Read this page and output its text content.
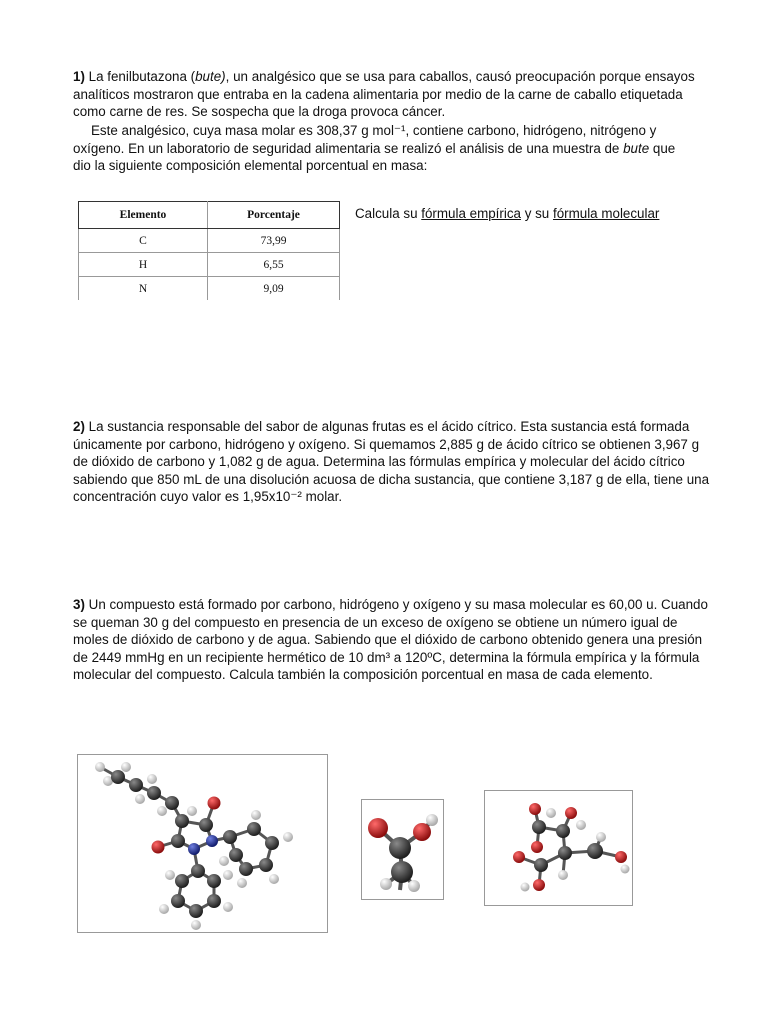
1) La fenilbutazona (bute), un analgésico que se usa para caballos, causó preocupación porque ensayos analíticos mostraron que entraba en la cadena alimentaria por medio de la carne de caballo etiquetada como carne de res. Se sospecha que la droga provoca cáncer.
Este analgésico, cuya masa molar es 308,37 g mol⁻¹, contiene carbono, hidrógeno, nitrógeno y oxígeno. En un laboratorio de seguridad alimentaria se realizó el análisis de una muestra de bute que dio la siguiente composición elemental porcentual en masa:
Elemento	Porcentaje
C	73,99
H	6,55
N	9,09
Calcula su fórmula empírica y su fórmula molecular
2) La sustancia responsable del sabor de algunas frutas es el ácido cítrico. Esta sustancia está formada únicamente por carbono, hidrógeno y oxígeno. Si quemamos 2,885 g de ácido cítrico se obtienen 3,967 g de dióxido de carbono y 1,082 g de agua. Determina las fórmulas empírica y molecular del ácido cítrico sabiendo que 850 mL de una disolución acuosa de dicha sustancia, que contiene 3,187 g de ella, tiene una concentración cuyo valor es 1,95x10⁻² molar.
3) Un compuesto está formado por carbono, hidrógeno y oxígeno y su masa molecular es 60,00 u. Cuando se queman 30 g del compuesto en presencia de un exceso de oxígeno se obtiene un número igual de moles de dióxido de carbono y de agua. Sabiendo que el dióxido de carbono obtenido genera una presión de 2449 mmHg en un recipiente hermético de 10 dm³ a 120ºC, determina la fórmula empírica y la fórmula molecular del compuesto. Calcula también la composición porcentual en masa de cada elemento.
